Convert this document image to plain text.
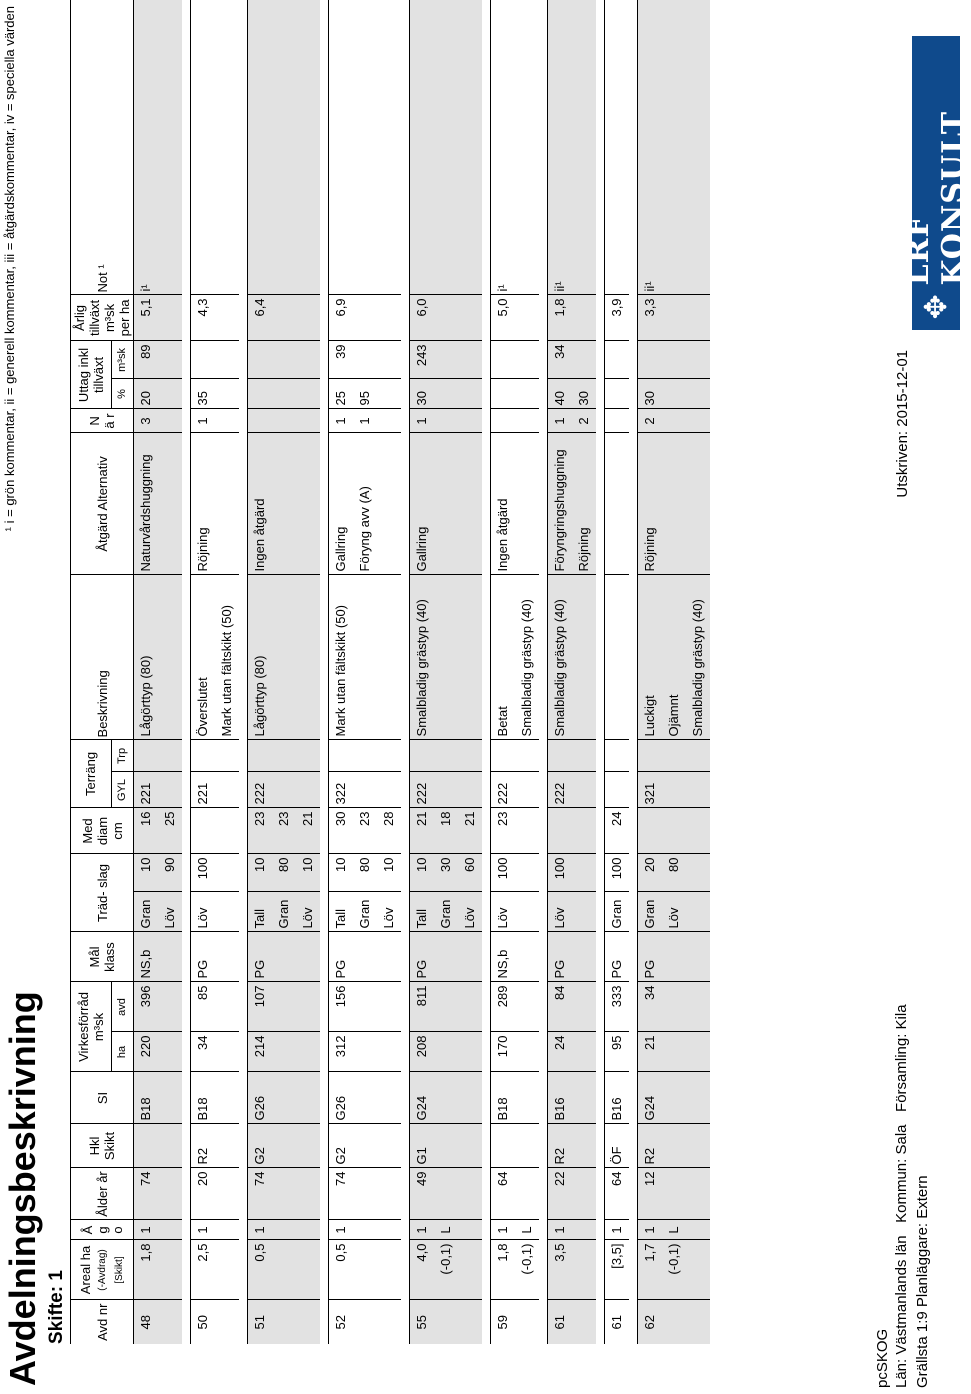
Avdelningsbeskrivning Skifte: 1
¹ i = grön kommentar, ii = generell kommentar, iii = åtgärdskommentar, iv = speciella värden
Avd nr	Areal ha (-Avdrag) [Skikt]	Å g o	Ålder år	Hkl Skikt	SI	Virkesförråd m³sk		Mål klass	Träd- slag		Med diam cm	Terräng		Beskrivning	Åtgärd Alternativ	N ä r	Uttag inkl tillväxt		Årlig tillväxt m³sk per ha	Not ¹
						ha	avd					GYL	Trp				%	m³sk		
48	1,8	1	74		B18	220	396	NS,b	Gran	10	16	221		Lågörttyp (80)	Naturvårdshuggning	3	20	89	5,1	i¹
									Löv	90	25									

50	2,5	1	20	R2	B18	34	85	PG	Löv	100		221		Överslutet	Röjning	1	35		4,3	
														Mark utan fältskikt (50)						

51	0,5	1	74	G2	G26	214	107	PG	Tall	10	23	222		Lågörttyp (80)	Ingen åtgärd				6,4	
									Gran	80	23									
									Löv	10	21									

52	0,5	1	74	G2	G26	312	156	PG	Tall	10	30	322		Mark utan fältskikt (50)	Gallring	1	25	39	6,9	
									Gran	80	23				Föryng avv (A)	1	95			
									Löv	10	28									

55	4,0	1	49	G1	G24	208	811	PG	Tall	10	21	222		Smalbladig grästyp (40)	Gallring	1	30	243	6,0	
	(-0,1)	L							Gran	30	18									
									Löv	60	21									

59	1,8	1	64		B18	170	289	NS,b	Löv	100	23	222		Betat	Ingen åtgärd				5,0	i¹
	(-0,1)	L												Smalbladig grästyp (40)						

61	3,5	1	22	R2	B16	24	84	PG	Löv	100		222		Smalbladig grästyp (40)	Föryngringshuggning	1	40	34	1,8	ii¹
															Röjning	2	30			

61	[3,5]	1	64	ÖF	B16	95	333	PG	Gran	100	24								3,9	

62	1,7	1	12	R2	G24	21	34	PG	Gran	20		321		Luckigt	Röjning	2	30		3,3	ii¹
	(-0,1)	L							Löv	80				Ojämnt						
														Smalbladig grästyp (40)						
pcSKOG Län: Västmanlands län   Kommun: Sala   Församling: Kila
Grällsta 1:9 Planläggare: Extern
Utskriven: 2015-12-01
✥
LRF KONSULT
